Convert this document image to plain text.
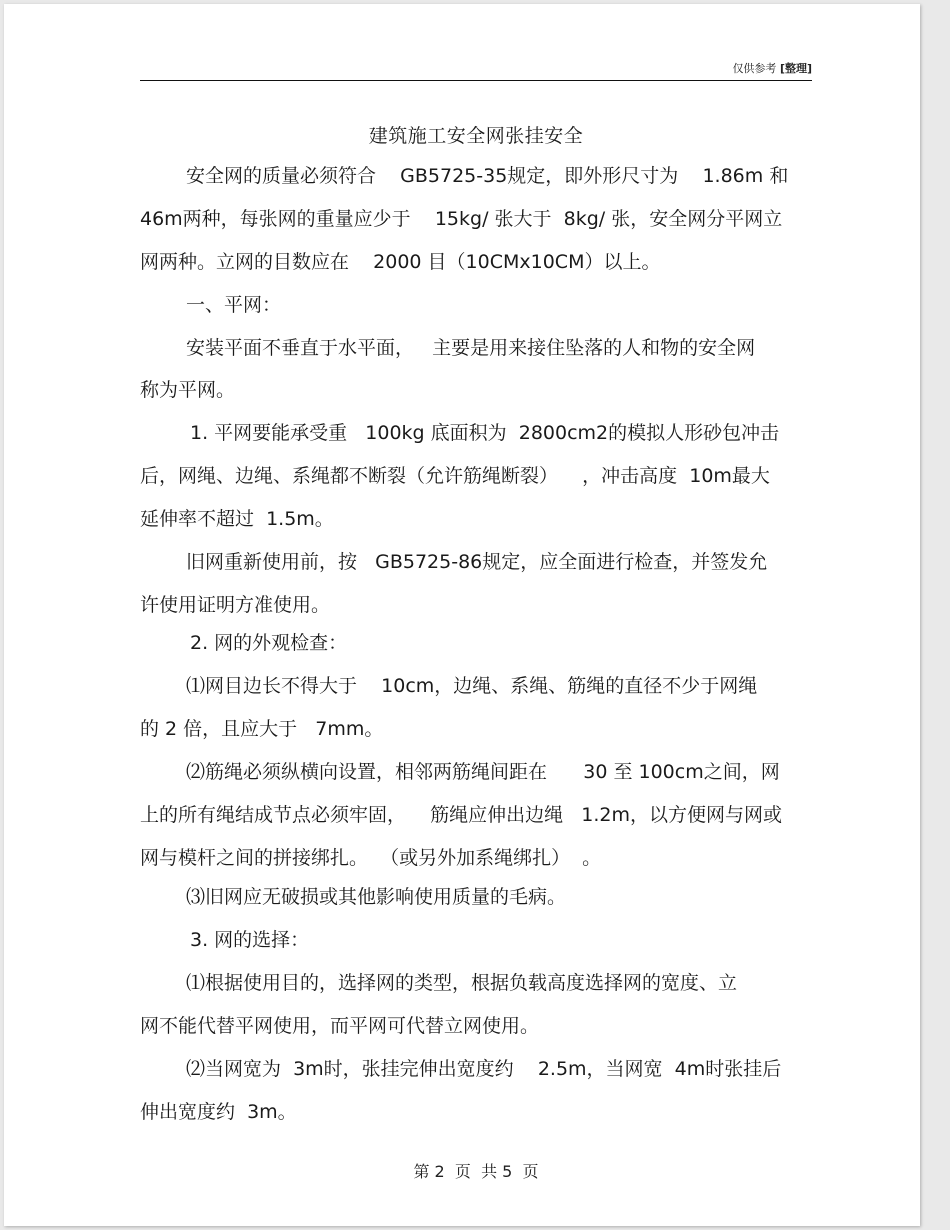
仅供参考 [整理]
建筑施工安全网张挂安全
安全网的质量必须符合    GB5725-35规定，即外形尺寸为    1.86m 和
46m两种，每张网的重量应少于    15kg/ 张大于  8kg/ 张，安全网分平网立
网两种。立网的目数应在    2000 目（10CMx10CM）以上。
一、平网：
安装平面不垂直于水平面，   主要是用来接住坠落的人和物的安全网
称为平网。
1. 平网要能承受重   100kg 底面积为  2800cm2的模拟人形砂包冲击
后，网绳、边绳、系绳都不断裂（允许筋绳断裂）    ，冲击高度  10m最大
延伸率不超过  1.5m。
旧网重新使用前，按   GB5725-86规定，应全面进行检查，并签发允
许使用证明方准使用。
2. 网的外观检查：
⑴网目边长不得大于    10cm，边绳、系绳、筋绳的直径不少于网绳
的 2 倍，且应大于   7mm。
⑵筋绳必须纵横向设置，相邻两筋绳间距在      30 至 100cm之间，网
上的所有绳结成节点必须牢固，    筋绳应伸出边绳   1.2m，以方便网与网或
网与模杆之间的拼接绑扎。  （或另外加系绳绑扎）  。
⑶旧网应无破损或其他影响使用质量的毛病。
3. 网的选择：
⑴根据使用目的，选择网的类型，根据负载高度选择网的宽度、立
网不能代替平网使用，而平网可代替立网使用。
⑵当网宽为  3m时，张挂完伸出宽度约    2.5m，当网宽  4m时张挂后
伸出宽度约  3m。
第 2  页  共 5  页
